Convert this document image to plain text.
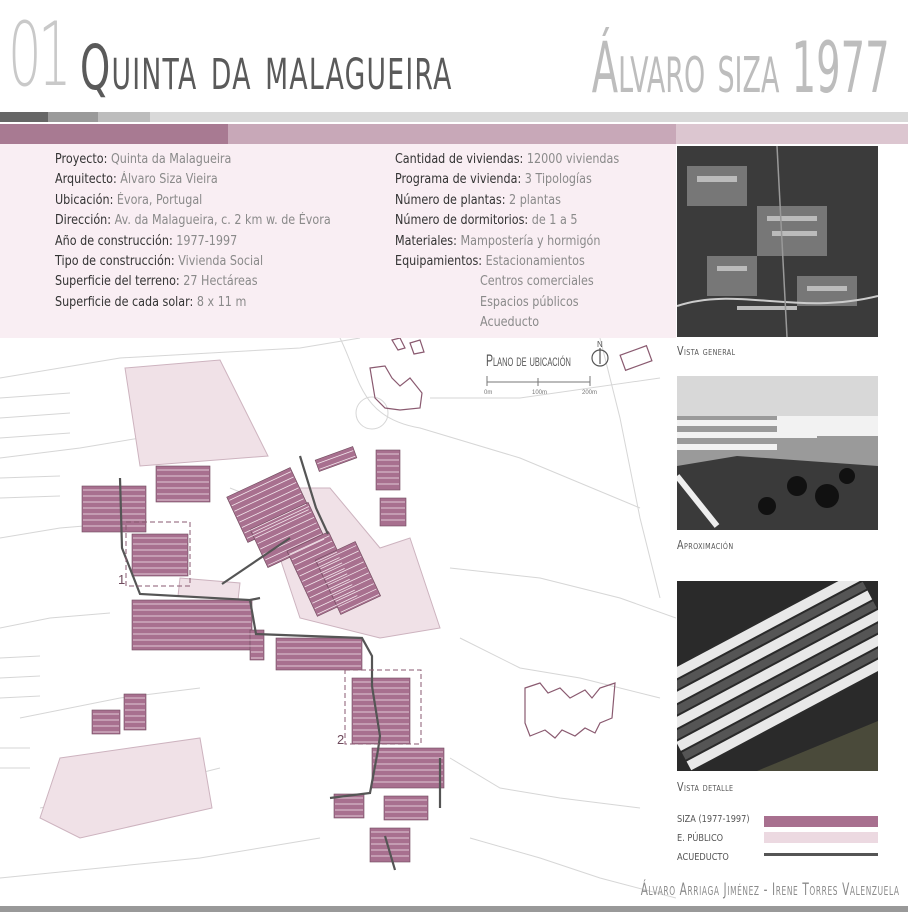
01 Quinta da malagueira Álvaro siza 1977
Proyecto: Quinta da Malagueira
Arquitecto: Álvaro Siza Vieira
Ubicación: Évora, Portugal
Dirección: Av. da Malagueira, c. 2 km w. de Évora
Año de construcción: 1977-1997
Tipo de construcción: Vivienda Social
Superficie del terreno: 27 Hectáreas
Superficie de cada solar: 8 x 11 m
Cantidad de viviendas: 12000 viviendas
Programa de vivienda: 3 Tipologías
Número de plantas: 2 plantas
Número de dormitorios: de 1 a 5
Materiales: Mampostería y hormigón
Equipamientos: Estacionamientos
Centros comerciales
Espacios públicos
Acueducto
1
2
Plano de ubicación
N
0m	100m	200m
Vista general
Aproximación
Vista detalle
SIZA (1977-1997)
E. PÚBLICO
ACUEDUCTO
Álvaro Arriaga Jiménez - Irene Torres Valenzuela
